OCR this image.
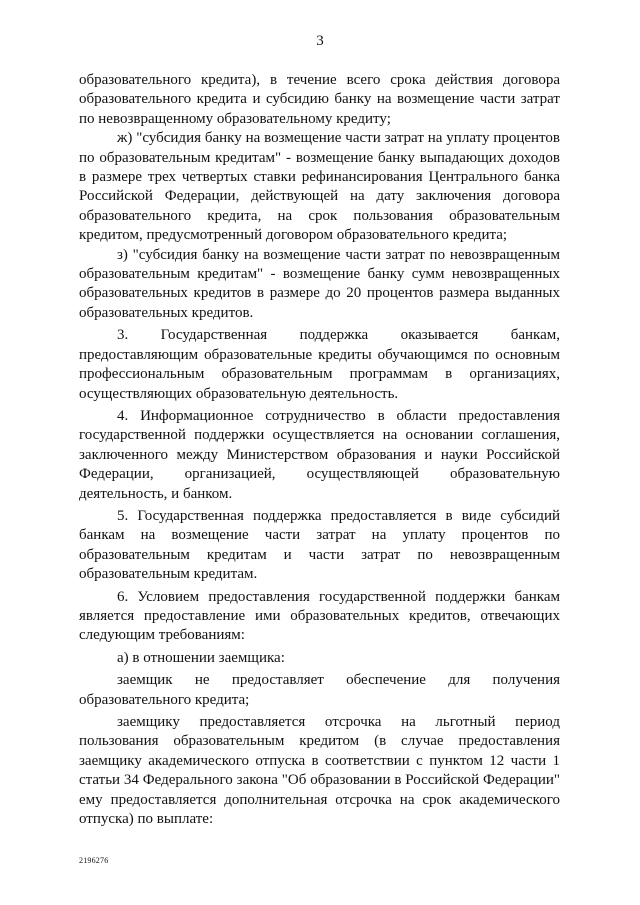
3

образовательного кредита), в течение всего срока действия договора образовательного кредита и субсидию банку на возмещение части затрат по невозвращенному образовательному кредиту;

ж) "субсидия банку на возмещение части затрат на уплату процентов по образовательным кредитам" - возмещение банку выпадающих доходов в размере трех четвертых ставки рефинансирования Центрального банка Российской Федерации, действующей на дату заключения договора образовательного кредита, на срок пользования образовательным кредитом, предусмотренный договором образовательного кредита;

з) "субсидия банку на возмещение части затрат по невозвращенным образовательным кредитам" - возмещение банку сумм невозвращенных образовательных кредитов в размере до 20 процентов размера выданных образовательных кредитов.

3. Государственная поддержка оказывается банкам, предоставляющим образовательные кредиты обучающимся по основным профессиональным образовательным программам в организациях, осуществляющих образовательную деятельность.

4. Информационное сотрудничество в области предоставления государственной поддержки осуществляется на основании соглашения, заключенного между Министерством образования и науки Российской Федерации, организацией, осуществляющей образовательную деятельность, и банком.

5. Государственная поддержка предоставляется в виде субсидий банкам на возмещение части затрат на уплату процентов по образовательным кредитам и части затрат по невозвращенным образовательным кредитам.

6. Условием предоставления государственной поддержки банкам является предоставление ими образовательных кредитов, отвечающих следующим требованиям:

а) в отношении заемщика:

заемщик не предоставляет обеспечение для получения образовательного кредита;

заемщику предоставляется отсрочка на льготный период пользования образовательным кредитом (в случае предоставления заемщику академического отпуска в соответствии с пунктом 12 части 1 статьи 34 Федерального закона "Об образовании в Российской Федерации" ему предоставляется дополнительная отсрочка на срок академического отпуска) по выплате:

2196276
